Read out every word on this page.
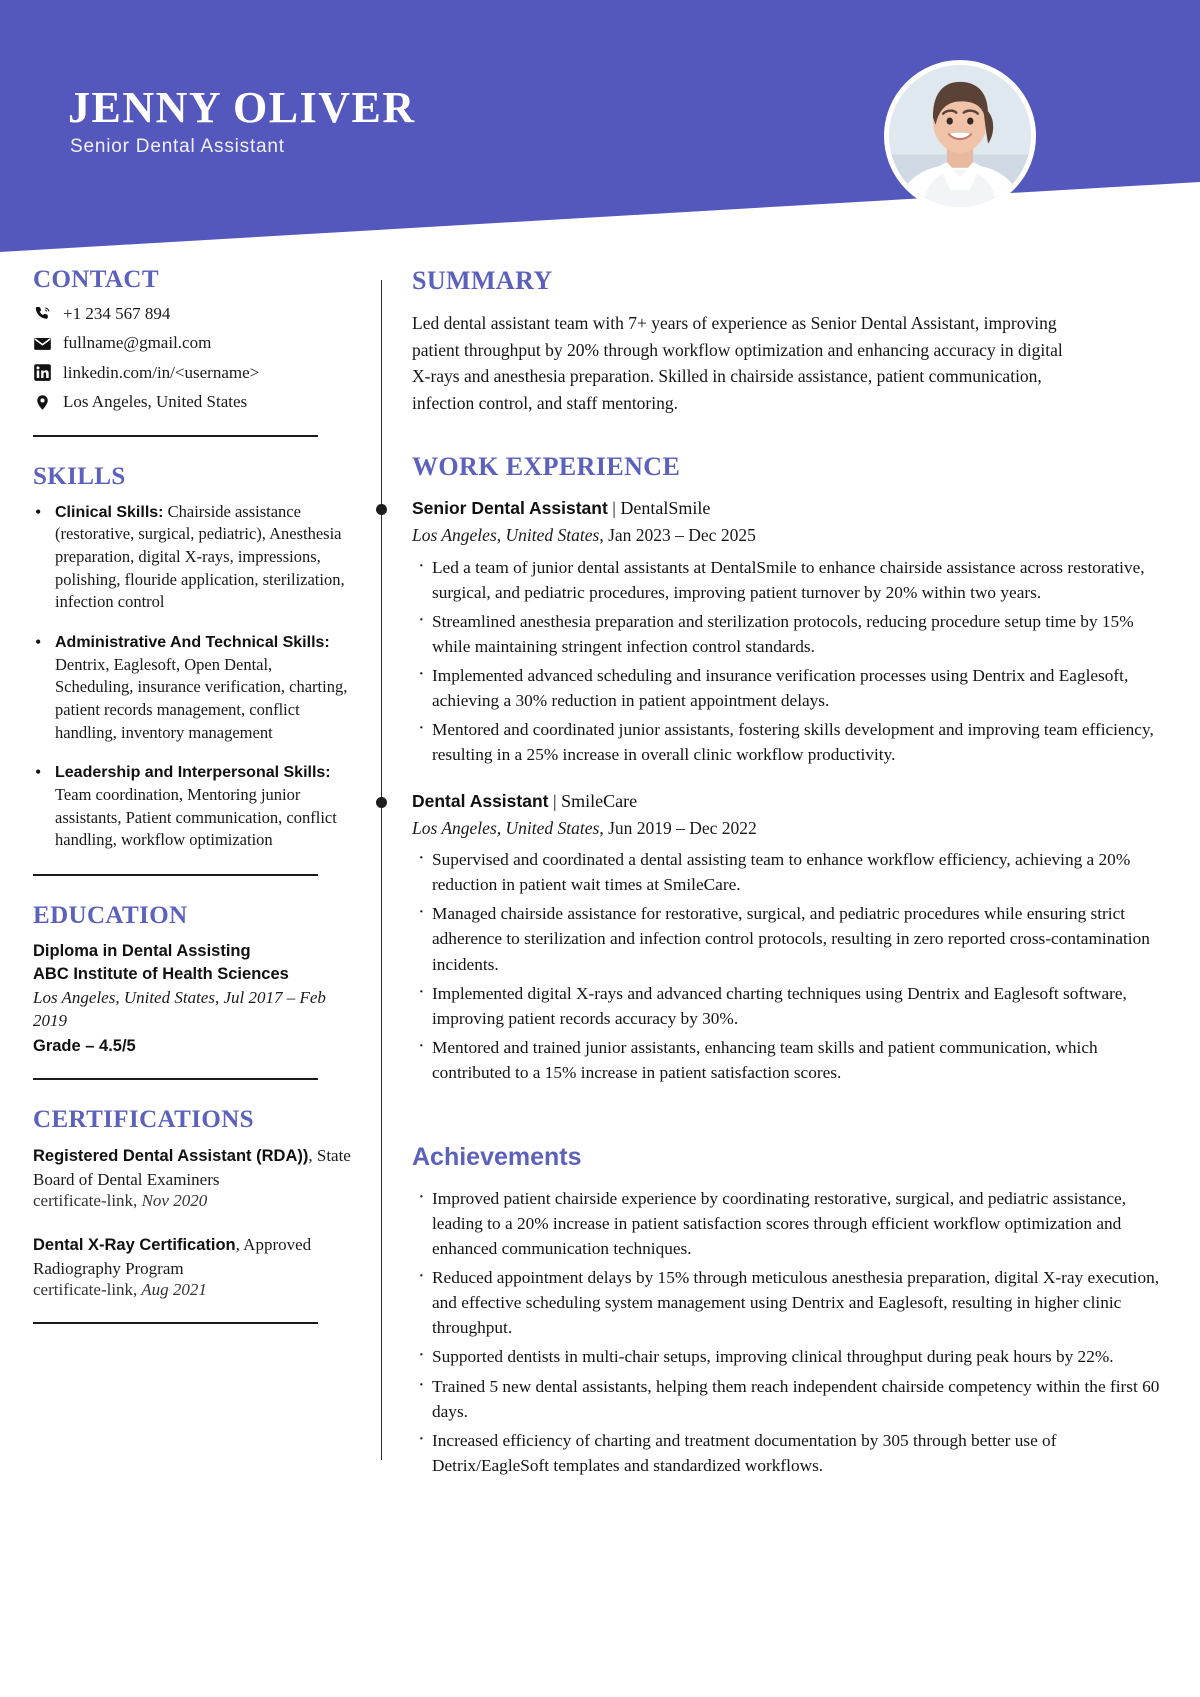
JENNY OLIVER
Senior Dental Assistant
CONTACT
+1 234 567 894
fullname@gmail.com
linkedin.com/in/<username>
Los Angeles, United States
SKILLS
• Clinical Skills: Chairside assistance (restorative, surgical, pediatric), Anesthesia preparation, digital X-rays, impressions, polishing, flouride application, sterilization, infection control
• Administrative And Technical Skills: Dentrix, Eaglesoft, Open Dental, Scheduling, insurance verification, charting, patient records management, conflict handling, inventory management
• Leadership and Interpersonal Skills: Team coordination, Mentoring junior assistants, Patient communication, conflict handling, workflow optimization
EDUCATION
Diploma in Dental Assisting
ABC Institute of Health Sciences
Los Angeles, United States, Jul 2017 – Feb 2019
Grade – 4.5/5
CERTIFICATIONS
Registered Dental Assistant (RDA)), State Board of Dental Examiners
certificate-link, Nov 2020
Dental X-Ray Certification, Approved Radiography Program
certificate-link, Aug 2021
SUMMARY

Led dental assistant team with 7+ years of experience as Senior Dental Assistant, improving patient throughput by 20% through workflow optimization and enhancing accuracy in digital X-rays and anesthesia preparation. Skilled in chairside assistance, patient communication, infection control, and staff mentoring.

WORK EXPERIENCE
Senior Dental Assistant | DentalSmile
Los Angeles, United States, Jan 2023 – Dec 2025
· Led a team of junior dental assistants at DentalSmile to enhance chairside assistance across restorative, surgical, and pediatric procedures, improving patient turnover by 20% within two years.
· Streamlined anesthesia preparation and sterilization protocols, reducing procedure setup time by 15% while maintaining stringent infection control standards.
· Implemented advanced scheduling and insurance verification processes using Dentrix and Eaglesoft, achieving a 30% reduction in patient appointment delays.
· Mentored and coordinated junior assistants, fostering skills development and improving team efficiency, resulting in a 25% increase in overall clinic workflow productivity.
Dental Assistant | SmileCare
Los Angeles, United States, Jun 2019 – Dec 2022
· Supervised and coordinated a dental assisting team to enhance workflow efficiency, achieving a 20% reduction in patient wait times at SmileCare.
· Managed chairside assistance for restorative, surgical, and pediatric procedures while ensuring strict adherence to sterilization and infection control protocols, resulting in zero reported cross-contamination incidents.
· Implemented digital X-rays and advanced charting techniques using Dentrix and Eaglesoft software, improving patient records accuracy by 30%.
· Mentored and trained junior assistants, enhancing team skills and patient communication, which contributed to a 15% increase in patient satisfaction scores.
Achievements
· Improved patient chairside experience by coordinating restorative, surgical, and pediatric assistance, leading to a 20% increase in patient satisfaction scores through efficient workflow optimization and enhanced communication techniques.
· Reduced appointment delays by 15% through meticulous anesthesia preparation, digital X-ray execution, and effective scheduling system management using Dentrix and Eaglesoft, resulting in higher clinic throughput.
· Supported dentists in multi-chair setups, improving clinical throughput during peak hours by 22%.
· Trained 5 new dental assistants, helping them reach independent chairside competency within the first 60 days.
· Increased efficiency of charting and treatment documentation by 305 through better use of Detrix/EagleSoft templates and standardized workflows.
